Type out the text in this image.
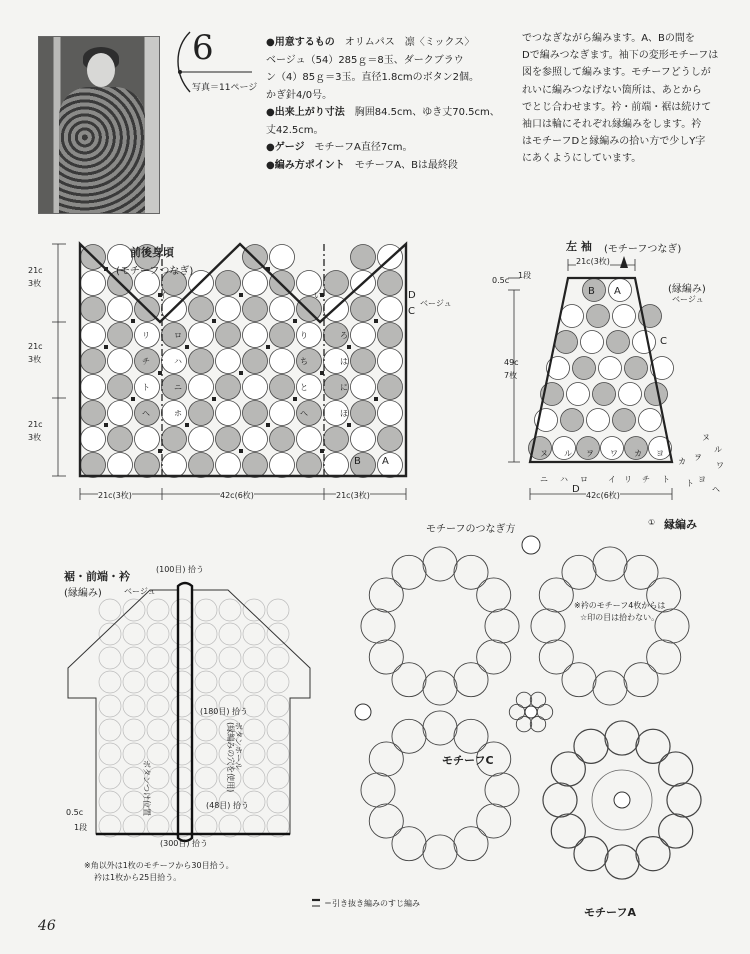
6
写真＝11ページ

●用意するもの　 オリムパス　凛〈ミックス〉

ベージュ（54）285ｇ＝8玉、ダークブラウ

ン（4）85ｇ＝3玉。直径1.8cmのボタン2個。

かぎ針4/0号。

●出来上がり寸法　 胸囲84.5cm、ゆき丈70.5cm、

丈42.5cm。

●ゲージ　 モチーフA直径7cm。

●編み方ポイント　 モチーフA、Bは最終段

でつなぎながら編みます。A、Bの間を

Dで編みつなぎます。袖下の変形モチーフは

図を参照して編みます。モチーフどうしが

れいに編みつなげない箇所は、あとから

でとじ合わせます。衿・前端・裾は続けて

袖口は輪にそれぞれ縁編みをします。衿

はモチーフDと縁編みの拾い方で少しY字

にあくようにしています。

前後身頃
(モチーフつなぎ)
21c
3枚
21c
3枚
21c
3枚
21c(3枚)	42c(6枚)	21c(3枚)
D
C
ベージュ
B A
イ
リ
チ
ト
ヘ
ロ
ハ
ニ
ホ
い
り
ち
と
へ
ろ
は
に
ほ
左 袖 (モチーフつなぎ)
21c(3枚)
0.5c
1段
49c
7枚
42c(6枚)
(縁編み)
ベージュ
B A
C
D
ヌ ル ヲ ワ カ ヨ
ニ ハ ロ	イ リ チ ト
ヌ
ル
ヲ
ワ
カ
ヨ
ヘ
ト
裾・前端・衿
(縁編み)	ベージュ
(100目) 拾う
(180目) 拾う
(48目) 拾う
(300目) 拾う
ボタンつけ位置
ボタンホール
(縁編みの穴を使用)
0.5c
1段
※角以外は1枚のモチーフから30目拾う。
衿は1枚から25目拾う。
モチーフのつなぎ方
① 縁編み
※衿のモチーフ4枚からは
☆印の目は拾わない。
モチーフC
モチーフA
＝引き抜き編みのすじ編み
46
